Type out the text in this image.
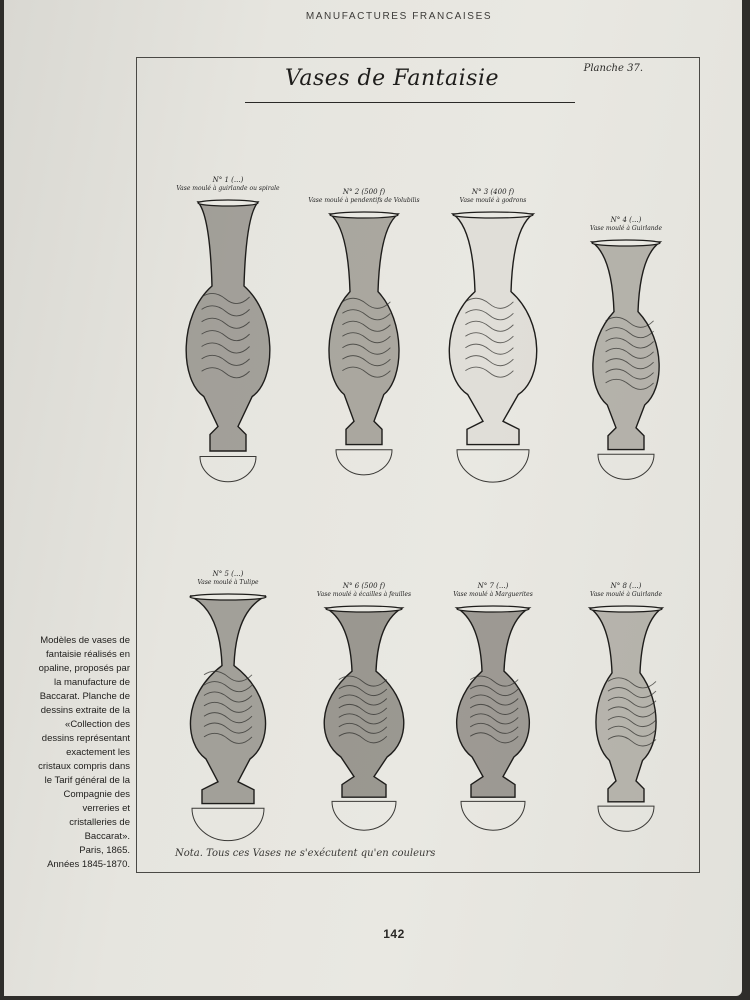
MANUFACTURES FRANCAISES
Vases de Fantaisie	Planche 37.
N° 1 (...)
Vase moulé à guirlande ou spirale	N° 2 (500 f)
Vase moulé à pendentifs de Volubilis
N° 3 (400 f)
Vase moulé à godrons
N° 4 (...)
Vase moulé à Guirlande
N° 5 (...)
Vase moulé à Tulipe	N° 6 (500 f)
Vase moulé à écailles à feuilles
N° 7 (...)
Vase moulé à Marguerites
N° 8 (...)
Vase moulé à Guirlande
Nota. Tous ces Vases ne s'exécutent qu'en couleurs
Modèles de vases de
fantaisie réalisés en
opaline, proposés par
la manufacture de
Baccarat. Planche de
dessins extraite de la
«Collection des
dessins représentant
exactement les
cristaux compris dans
le Tarif général de la
Compagnie des
verreries et
cristalleries de
Baccarat».
Paris, 1865.
Années 1845-1870.
142
